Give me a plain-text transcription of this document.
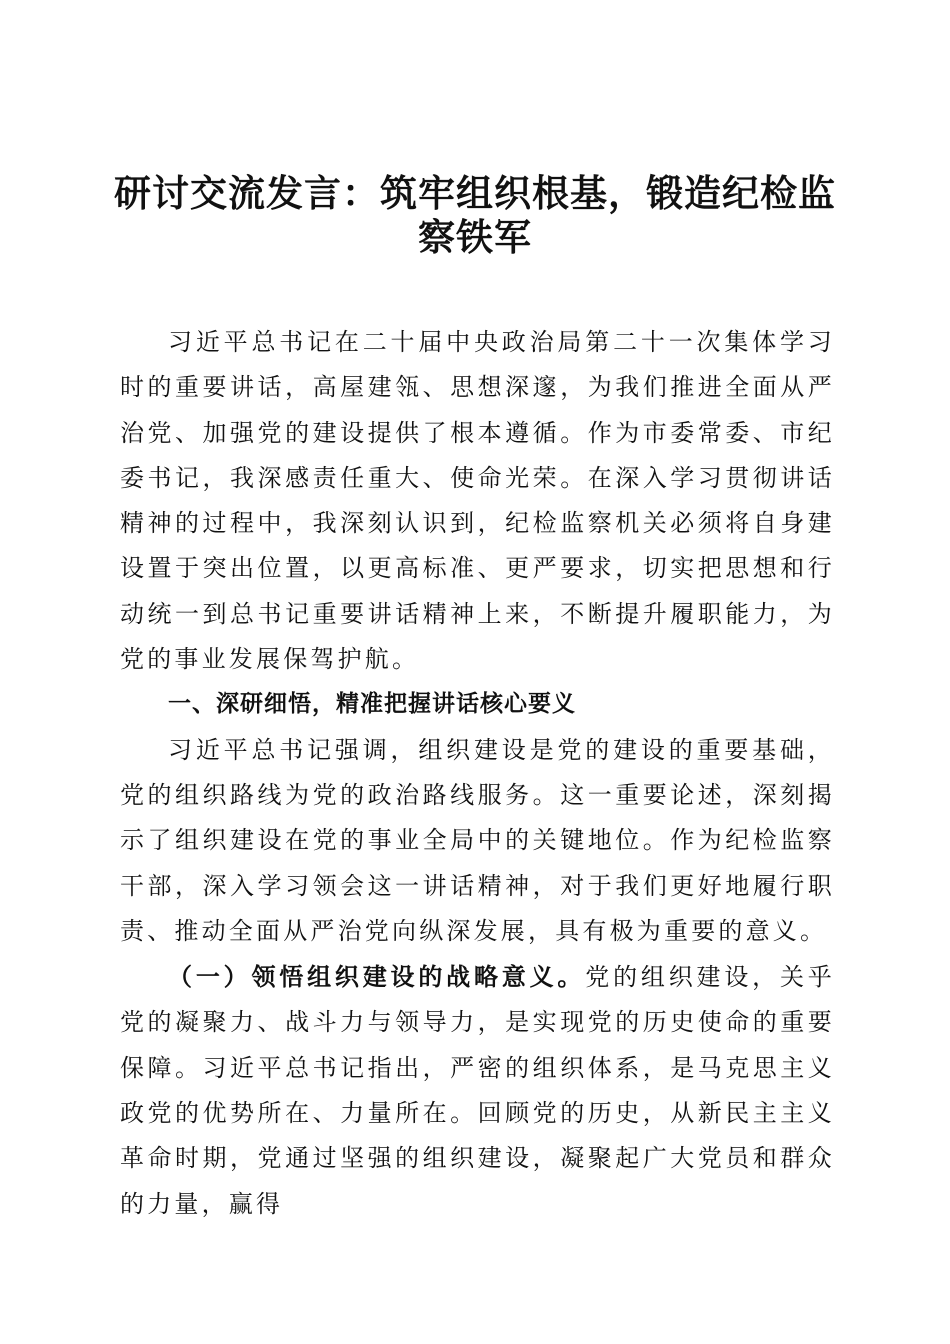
研讨交流发言：筑牢组织根基，锻造纪检监察铁军

习近平总书记在二十届中央政治局第二十一次集体学习时的重要讲话，高屋建瓴、思想深邃，为我们推进全面从严治党、加强党的建设提供了根本遵循。作为市委常委、市纪委书记，我深感责任重大、使命光荣。在深入学习贯彻讲话精神的过程中，我深刻认识到，纪检监察机关必须将自身建设置于突出位置，以更高标准、更严要求，切实把思想和行动统一到总书记重要讲话精神上来，不断提升履职能力，为党的事业发展保驾护航。

一、深研细悟，精准把握讲话核心要义

习近平总书记强调，组织建设是党的建设的重要基础，党的组织路线为党的政治路线服务。这一重要论述，深刻揭示了组织建设在党的事业全局中的关键地位。作为纪检监察干部，深入学习领会这一讲话精神，对于我们更好地履行职责、推动全面从严治党向纵深发展，具有极为重要的意义。

（一）领悟组织建设的战略意义。党的组织建设，关乎党的凝聚力、战斗力与领导力，是实现党的历史使命的重要保障。习近平总书记指出，严密的组织体系，是马克思主义政党的优势所在、力量所在。回顾党的历史，从新民主主义革命时期，党通过坚强的组织建设，凝聚起广大党员和群众的力量，赢得
